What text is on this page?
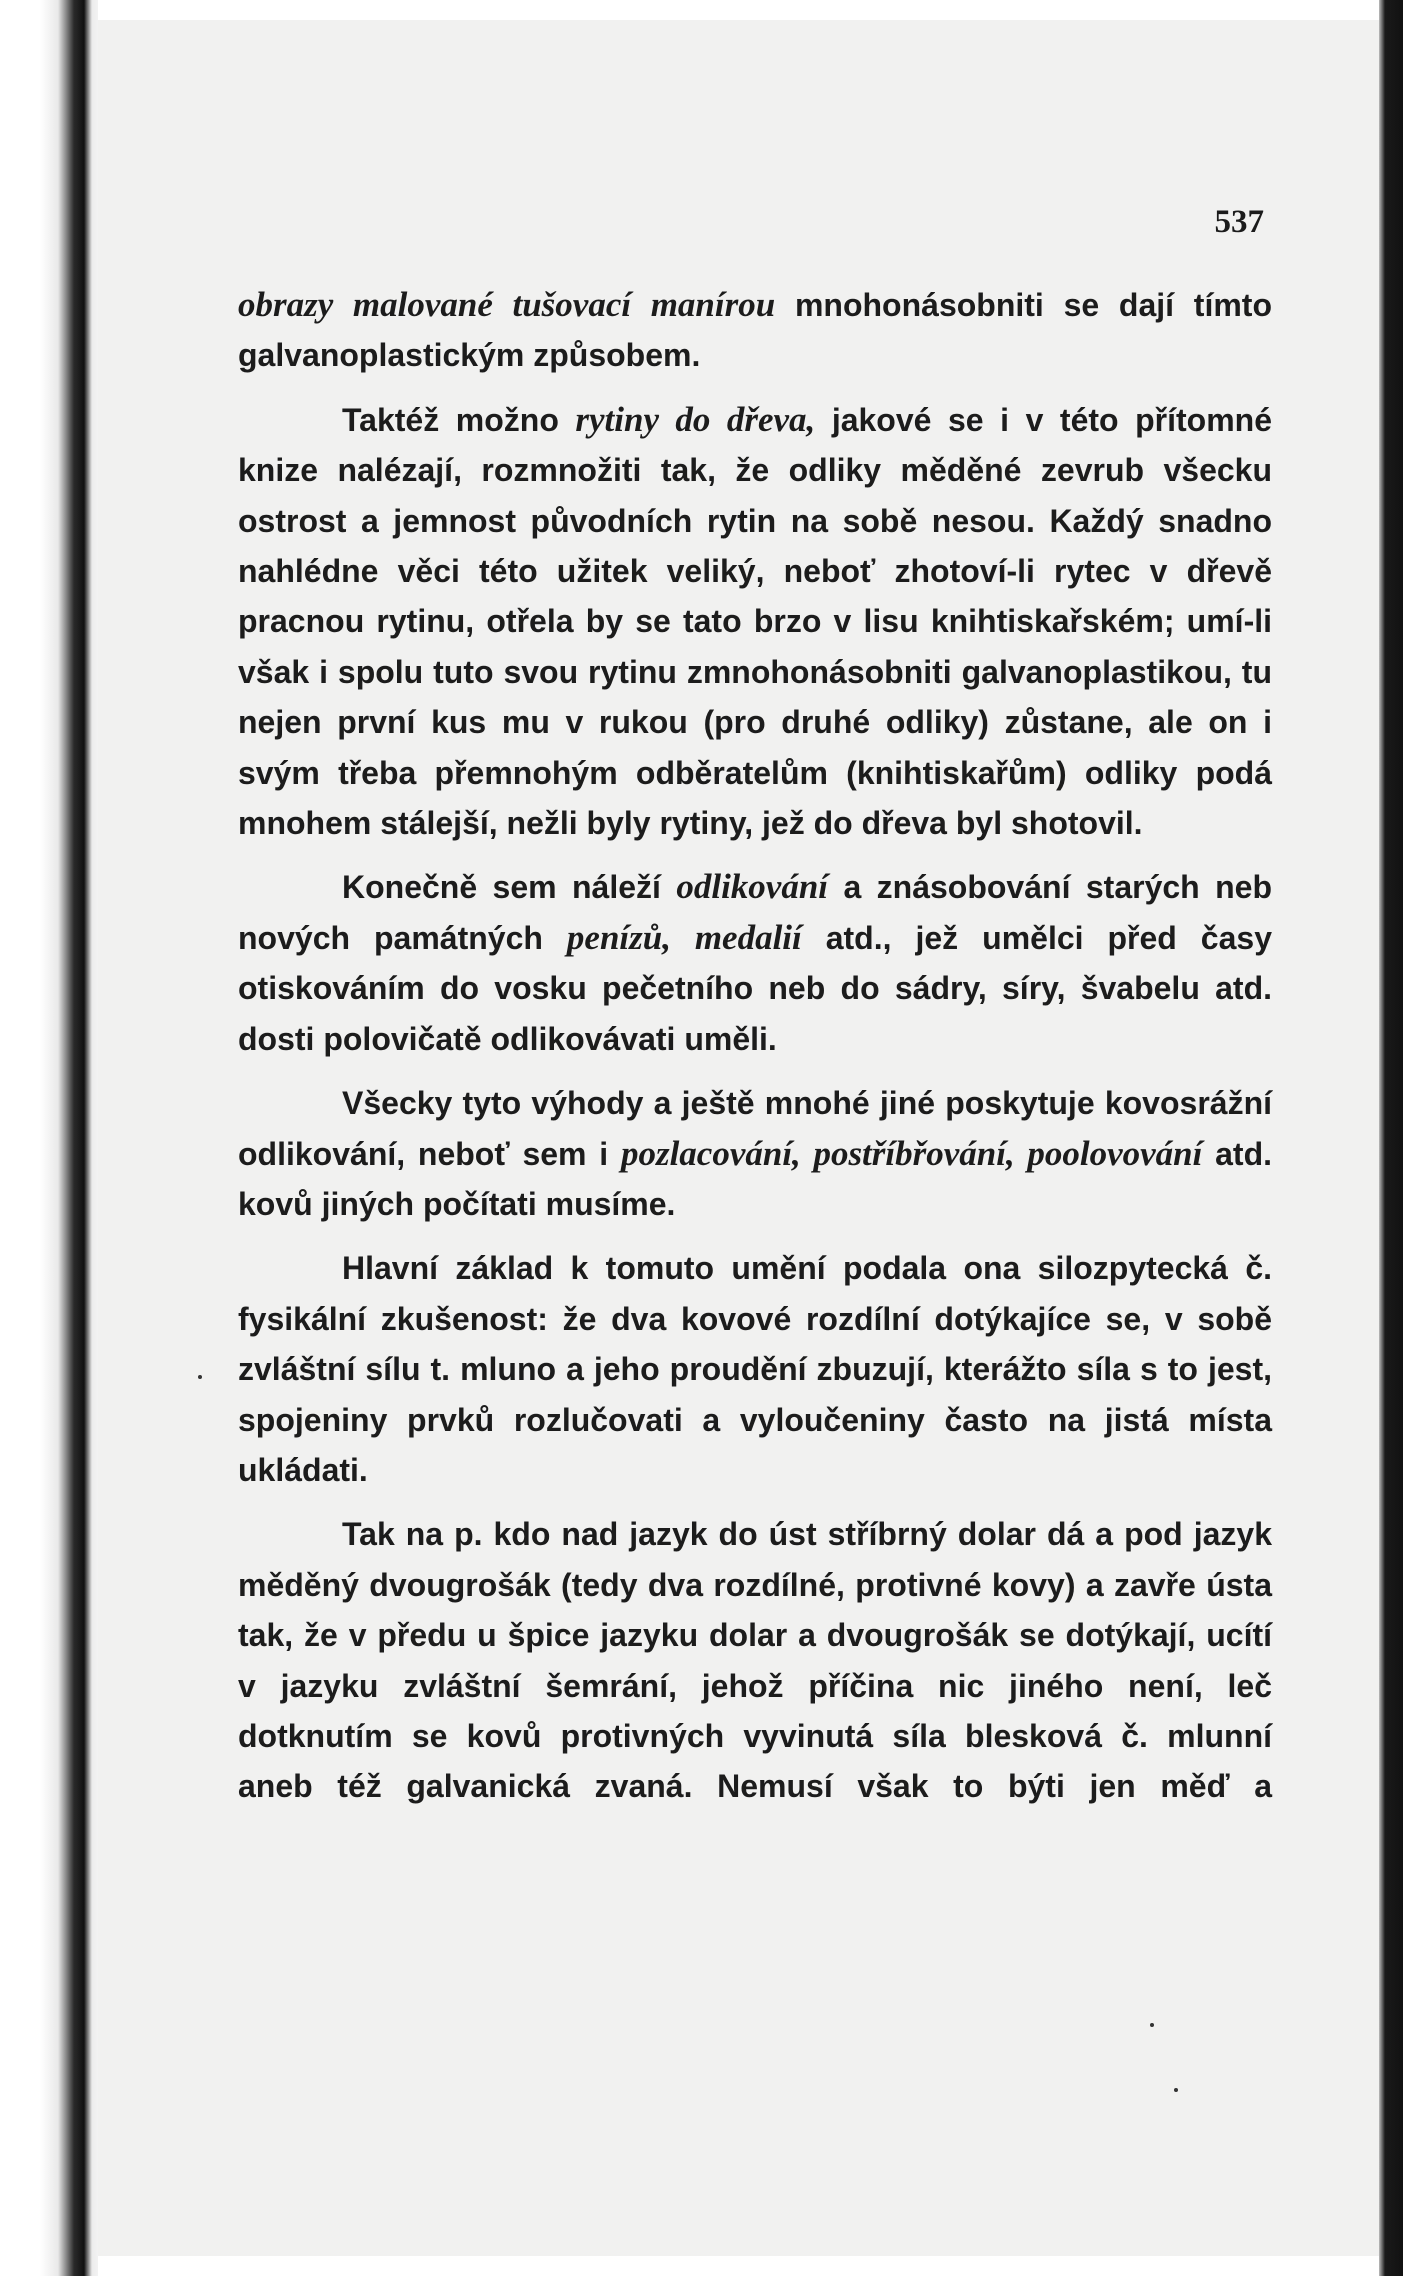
537

obrazy malované tušovací manírou mnohonásobniti se dají tímto galvanoplastickým způsobem.

Taktéž možno rytiny do dřeva, jakové se i v této přítomné knize nalézají, rozmnožiti tak, že odliky měděné zevrub všecku ostrost a jemnost původních rytin na sobě nesou. Každý snadno nahlédne věci této užitek veliký, neboť zhotoví-li rytec v dřevě pracnou rytinu, otřela by se tato brzo v lisu knihtiskařském; umí-li však i spolu tuto svou rytinu zmnohonásobniti galvanoplastikou, tu nejen první kus mu v rukou (pro druhé odliky) zůstane, ale on i svým třeba přemnohým odběratelům (knihtiskařům) odliky podá mnohem stálejší, nežli byly rytiny, jež do dřeva byl shotovil.

Konečně sem náleží odlikování a znásobování starých neb nových památných penízů, medalií atd., jež umělci před časy otiskováním do vosku pečetního neb do sádry, síry, švabelu atd. dosti polovičatě odlikovávati uměli.

Všecky tyto výhody a ještě mnohé jiné poskytuje kovosrážní odlikování, neboť sem i pozlacování, postříbřování, poolovování atd. kovů jiných počítati musíme.

Hlavní základ k tomuto umění podala ona silozpytecká č. fysikální zkušenost: že dva kovové rozdílní dotýkajíce se, v sobě zvláštní sílu t. mluno a jeho proudění zbuzují, kterážto síla s to jest, spojeniny prvků rozlučovati a vyloučeniny často na jistá místa ukládati.

Tak na p. kdo nad jazyk do úst stříbrný dolar dá a pod jazyk měděný dvougrošák (tedy dva rozdílné, protivné kovy) a zavře ústa tak, že v předu u špice jazyku dolar a dvougrošák se dotýkají, ucítí v jazyku zvláštní šemrání, jehož příčina nic jiného není, leč dotknutím se kovů protivných vyvinutá síla blesková č. mlunní aneb též galvanická zvaná. Nemusí však to býti jen měď a
